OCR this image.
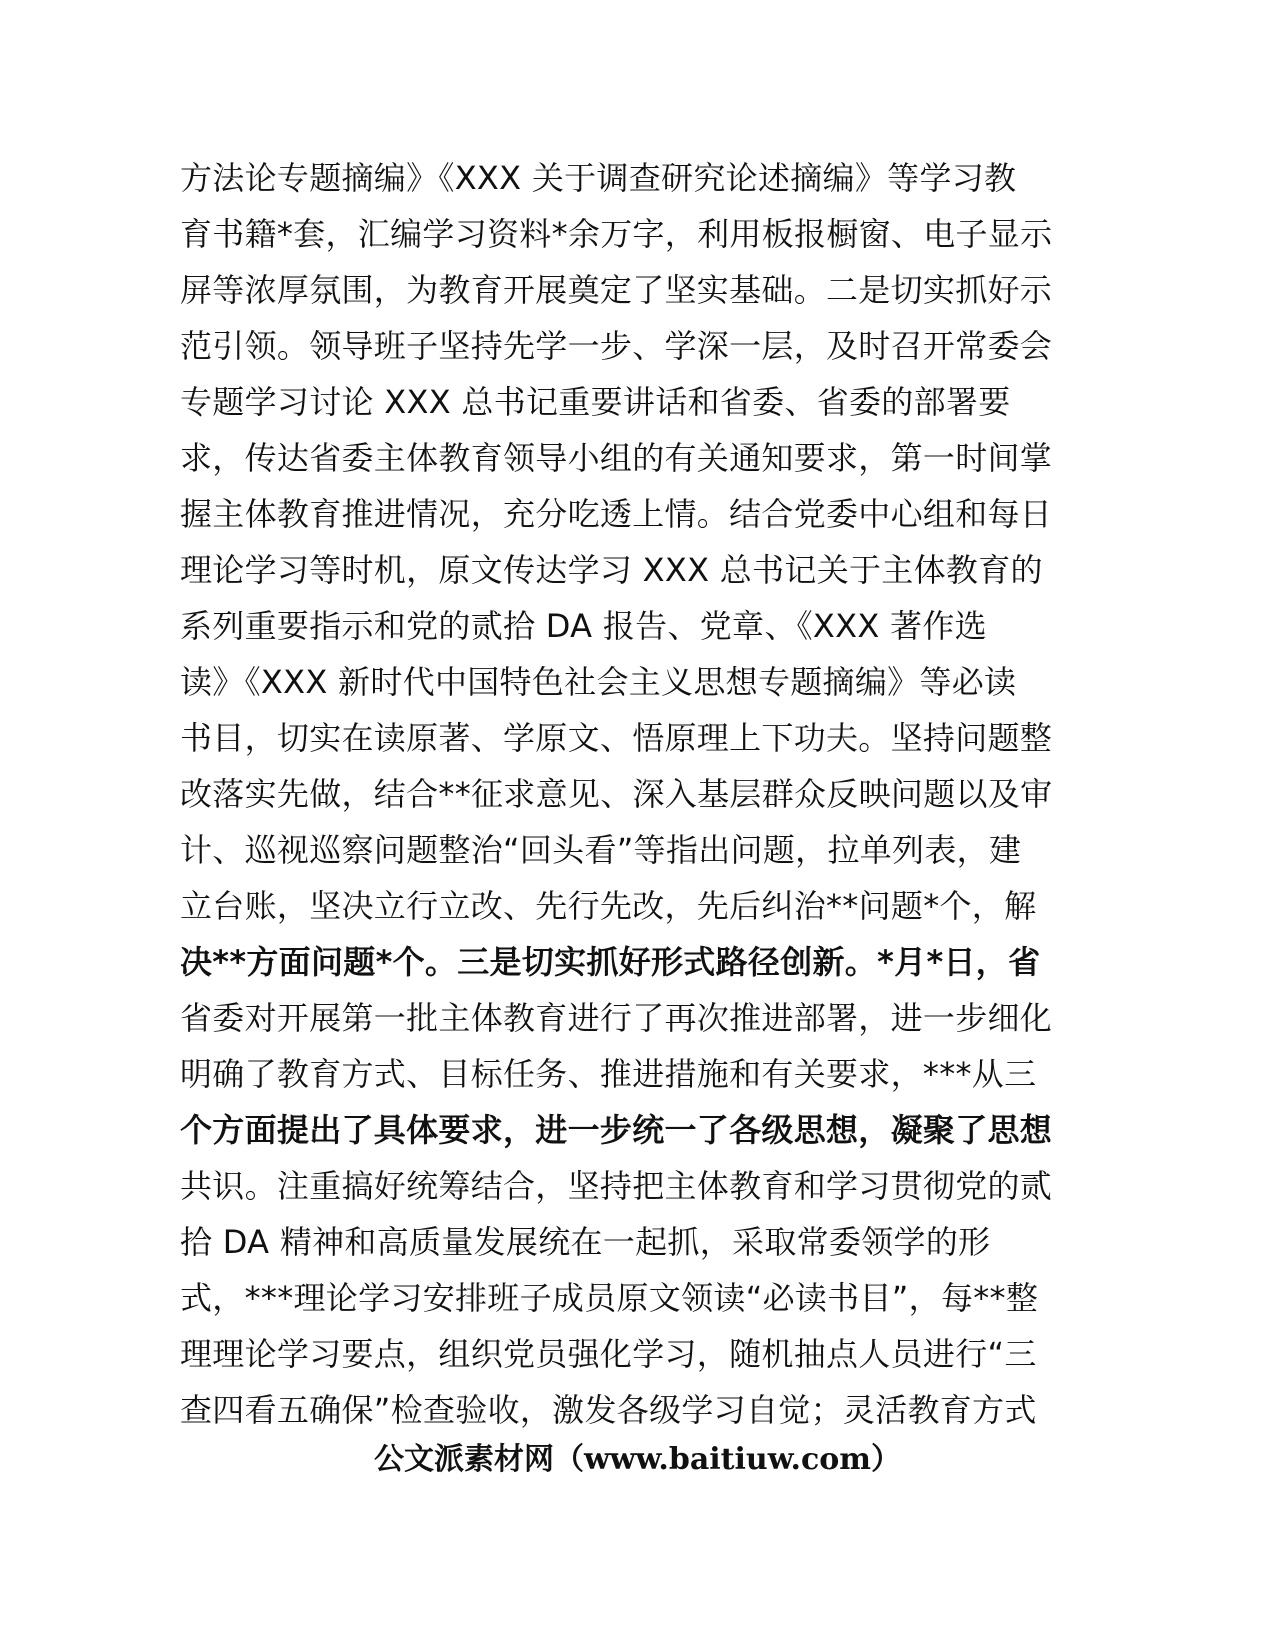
方法论专题摘编》《XXX 关于调查研究论述摘编》等学习教
育书籍*套，汇编学习资料*余万字，利用板报橱窗、电子显示
屏等浓厚氛围，为教育开展奠定了坚实基础。二是切实抓好示
范引领。领导班子坚持先学一步、学深一层，及时召开常委会
专题学习讨论 XXX 总书记重要讲话和省委、省委的部署要
求，传达省委主体教育领导小组的有关通知要求，第一时间掌
握主体教育推进情况，充分吃透上情。结合党委中心组和每日
理论学习等时机，原文传达学习 XXX 总书记关于主体教育的
系列重要指示和党的贰拾 DA 报告、党章、《XXX 著作选
读》《XXX 新时代中国特色社会主义思想专题摘编》等必读
书目，切实在读原著、学原文、悟原理上下功夫。坚持问题整
改落实先做，结合**征求意见、深入基层群众反映问题以及审
计、巡视巡察问题整治“回头看”等指出问题，拉单列表，建
立台账，坚决立行立改、先行先改，先后纠治**问题*个，解
决**方面问题*个。三是切实抓好形式路径创新。*月*日，省
省委对开展第一批主体教育进行了再次推进部署，进一步细化
明确了教育方式、目标任务、推进措施和有关要求，***从三
个方面提出了具体要求，进一步统一了各级思想，凝聚了思想
共识。注重搞好统筹结合，坚持把主体教育和学习贯彻党的贰
拾 DA 精神和高质量发展统在一起抓，采取常委领学的形
式，***理论学习安排班子成员原文领读“必读书目”，每**整
理理论学习要点，组织党员强化学习，随机抽点人员进行“三
查四看五确保”检查验收，激发各级学习自觉；灵活教育方式
公文派素材网（www.baitiuw.com）
